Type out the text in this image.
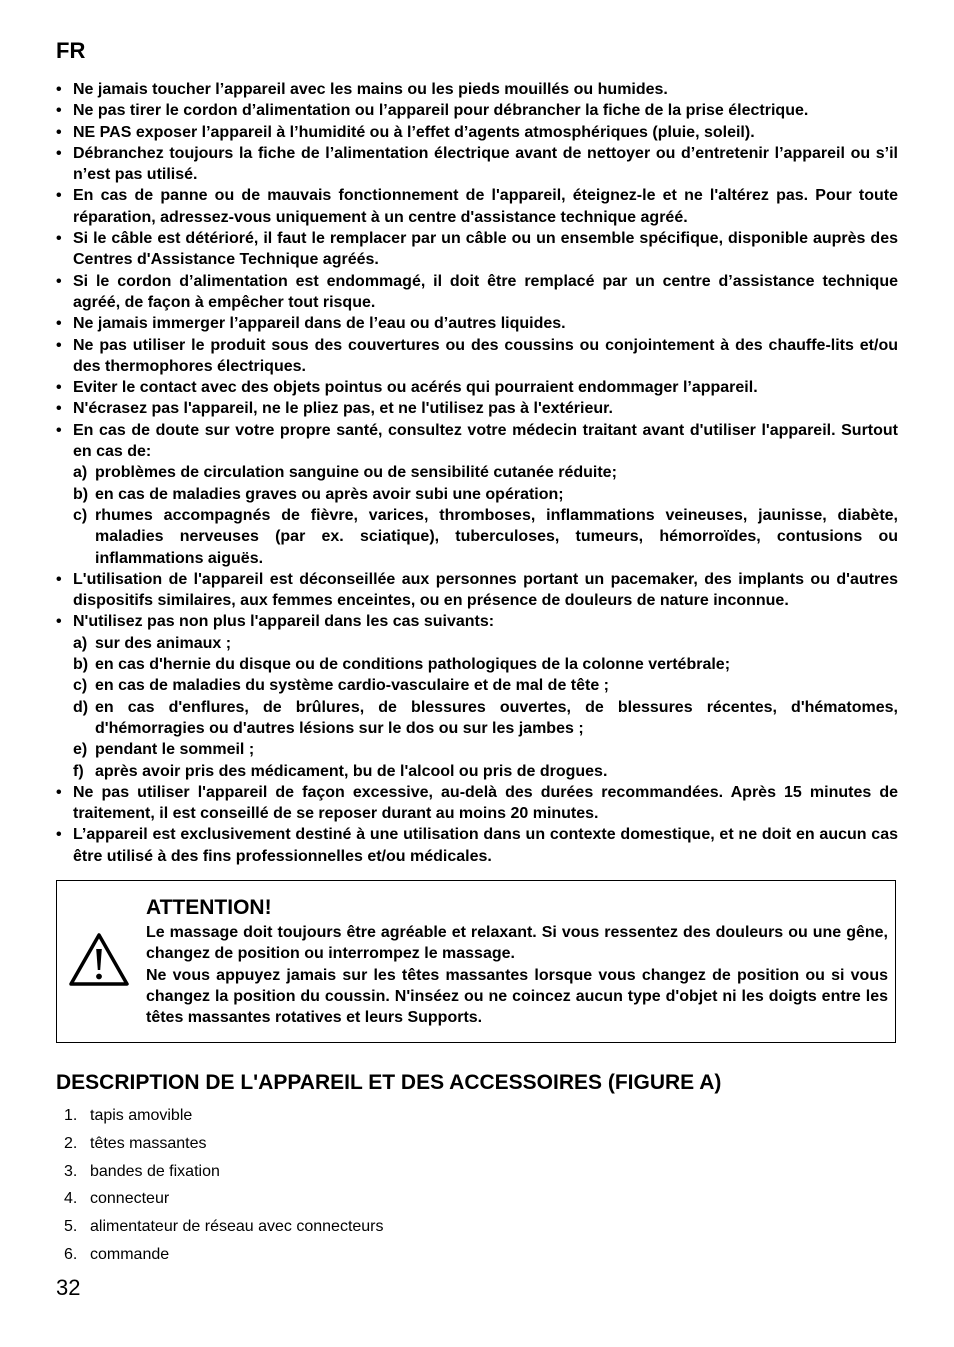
FR
• Ne jamais toucher l’appareil avec les mains ou les pieds mouillés ou humides.
• Ne pas tirer le cordon d’alimentation ou l’appareil pour débrancher la fiche de la prise électrique.
• NE PAS exposer l’appareil à l’humidité ou à l’effet d’agents atmosphériques (pluie, soleil).
• Débranchez toujours la fiche de l’alimentation électrique avant de nettoyer ou d’entretenir l’appareil ou s’il n’est pas utilisé.
• En cas de panne ou de mauvais fonctionnement de l'appareil, éteignez-le et ne l'altérez pas. Pour toute réparation, adressez-vous uniquement à un centre d'assistance technique agréé.
• Si le câble est détérioré, il faut le remplacer par un câble ou un ensemble spécifique, disponible auprès des Centres d'Assistance Technique agréés.
• Si le cordon d’alimentation est endommagé, il doit être remplacé par un centre d’assistance technique agréé, de façon à empêcher tout risque.
• Ne jamais immerger l’appareil dans de l’eau ou d’autres liquides.
• Ne pas utiliser le produit sous des couvertures ou des coussins ou conjointement à des chauffe-lits et/ou des thermophores électriques.
• Eviter le contact avec des objets pointus ou acérés qui pourraient endommager l’appareil.
• N'écrasez pas l'appareil, ne le pliez pas, et ne l'utilisez pas à l'extérieur.
• En cas de doute sur votre propre santé, consultez votre médecin traitant avant d'utiliser l'appareil. Surtout en cas de:
a) problèmes de circulation sanguine ou de sensibilité cutanée réduite;
b) en cas de maladies graves ou après avoir subi une opération;
c) rhumes accompagnés de fièvre, varices, thromboses, inflammations veineuses, jaunisse, diabète, maladies nerveuses (par ex. sciatique), tuberculoses, tumeurs, hémorroïdes, contusions ou inflammations aiguës.
• L'utilisation de l'appareil est déconseillée aux personnes portant un pacemaker, des implants ou d'autres dispositifs similaires, aux femmes enceintes, ou en présence de douleurs de nature inconnue.
• N'utilisez pas non plus l'appareil dans les cas suivants:
a) sur des animaux ;
b) en cas d'hernie du disque ou de conditions pathologiques de la colonne vertébrale;
c) en cas de maladies du système cardio-vasculaire et de mal de tête ;
d) en cas d'enflures, de brûlures, de blessures ouvertes, de blessures récentes, d'hématomes, d'hémorragies ou d'autres lésions sur le dos ou sur les jambes ;
e) pendant le sommeil ;
f) après avoir pris des médicament, bu de l'alcool ou pris de drogues.
• Ne pas utiliser l'appareil de façon excessive, au-delà des durées recommandées. Après 15 minutes de traitement, il est conseillé de se reposer durant au moins 20 minutes.
• L’appareil est exclusivement destiné à une utilisation dans un contexte domestique, et ne doit en aucun cas être utilisé à des fins professionnelles et/ou médicales.
ATTENTION!

Le massage doit toujours être agréable et relaxant. Si vous ressentez des douleurs ou une gêne, changez de position ou interrompez le massage.

Ne vous appuyez jamais sur les têtes massantes lorsque vous changez de position ou si vous changez la position du coussin. N'inséez ou ne coincez aucun type d'objet ni les doigts entre les têtes massantes rotatives et leurs Supports.

DESCRIPTION DE L'APPAREIL ET DES ACCESSOIRES (FIGURE A)
1. tapis amovible
2. têtes massantes
3. bandes de fixation
4. connecteur
5. alimentateur de réseau avec connecteurs
6. commande
32
